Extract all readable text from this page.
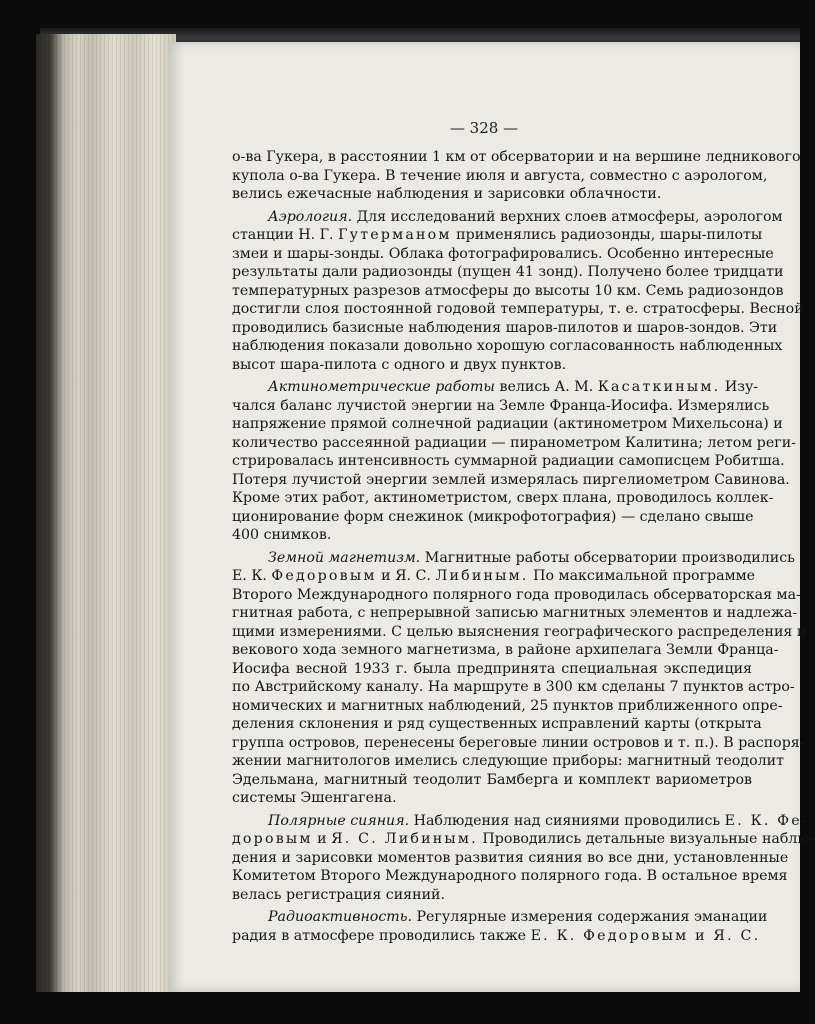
— 328 —
о-ва Гукера, в расстоянии 1 км от обсерватории и на вершине ледникового
купола о-ва Гукера. В течение июля и августа, совместно с аэрологом,
велись ежечасные наблюдения и зарисовки облачности.
Аэрология. Для исследований верхних слоев атмосферы, аэрологом
станции Н. Г. Гутерманом применялись радиозонды, шары-пилоты
змеи и шары-зонды. Облака фотографировались. Особенно интересные
результаты дали радиозонды (пущен 41 зонд). Получено более тридцати
температурных разрезов атмосферы до высоты 10 км. Семь радиозондов
достигли слоя постоянной годовой температуры, т. е. стратосферы. Весной
проводились базисные наблюдения шаров-пилотов и шаров-зондов. Эти
наблюдения показали довольно хорошую согласованность наблюденных
высот шара-пилота с одного и двух пунктов.
Актинометрические работы велись А. М. Касаткиным. Изу-
чался баланс лучистой энергии на Земле Франца-Иосифа. Измерялись
напряжение прямой солнечной радиации (актинометром Михельсона) и
количество рассеянной радиации — пиранометром Калитина; летом реги-
стрировалась интенсивность суммарной радиации самописцем Робитша.
Потеря лучистой энергии землей измерялась пиргелиометром Савинова.
Кроме этих работ, актинометристом, сверх плана, проводилось коллек-
ционирование форм снежинок (микрофотография) — сделано свыше
400 снимков.
Земной магнетизм. Магнитные работы обсерватории производились
Е. К. Федоровым и Я. С. Либиным. По максимальной программе
Второго Международного полярного года проводилась обсерваторская ма-
гнитная работа, с непрерывной записью магнитных элементов и надлежа-
щими измерениями. С целью выяснения географического распределения и
векового хода земного магнетизма, в районе архипелага Земли Франца-
Иосифа весной 1933 г. была предпринята специальная экспедиция
по Австрийскому каналу. На маршруте в 300 км сделаны 7 пунктов астро-
номических и магнитных наблюдений, 25 пунктов приближенного опре-
деления склонения и ряд существенных исправлений карты (открыта
группа островов, перенесены береговые линии островов и т. п.). В распоря-
жении магнитологов имелись следующие приборы: магнитный теодолит
Эдельмана, магнитный теодолит Бамберга и комплект вариометров
системы Эшенгагена.
Полярные сияния. Наблюдения над сияниями проводились Е. К. Фе-
доровым и Я. С. Либиным. Проводились детальные визуальные наблю-
дения и зарисовки моментов развития сияния во все дни, установленные
Комитетом Второго Международного полярного года. В остальное время
велась регистрация сияний.
Радиоактивность. Регулярные измерения содержания эманации
радия в атмосфере проводились также Е. К. Федоровым и Я. С.
